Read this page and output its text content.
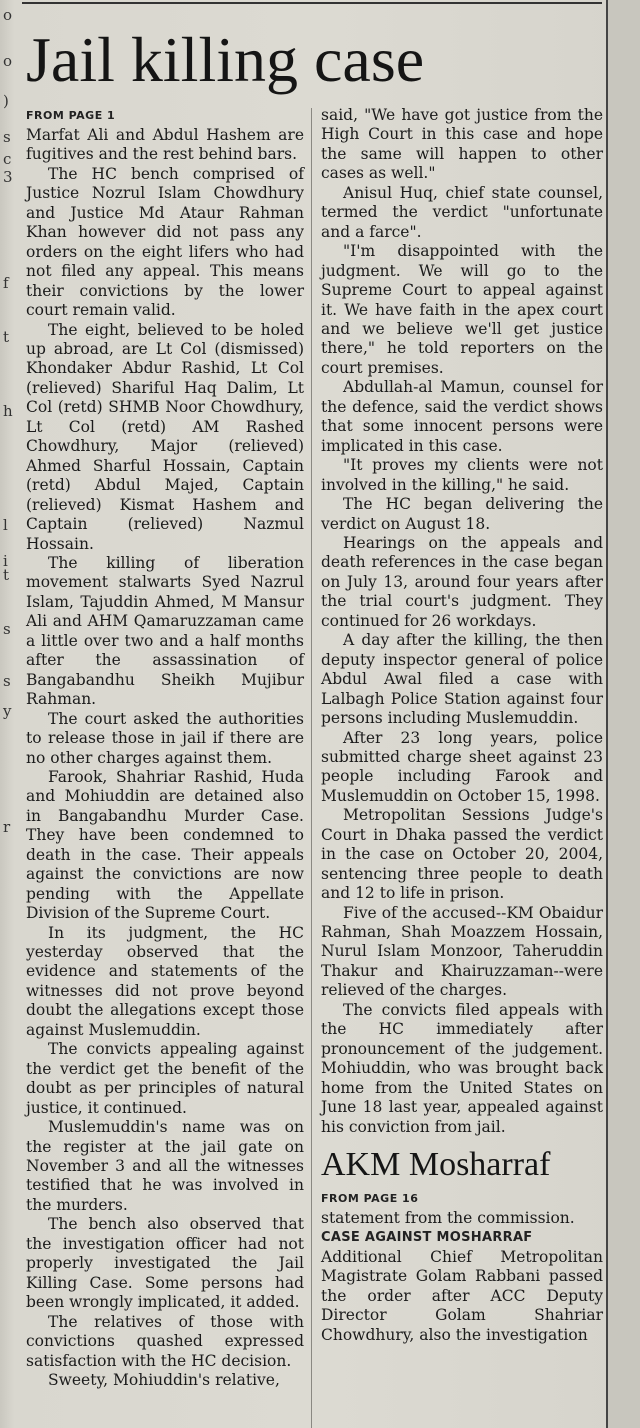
o
o
)
s
c
3
f
t
h
l
i
t
s
s
y
r
Jail killing case
FROM PAGE 1

Marfat Ali and Abdul Hashem are fugitives and the rest behind bars.

The HC bench comprised of Justice Nozrul Islam Chowdhury and Justice Md Ataur Rahman Khan however did not pass any orders on the eight lifers who had not filed any appeal. This means their convictions by the lower court remain valid.

The eight, believed to be holed up abroad, are Lt Col (dismissed) Khondaker Abdur Rashid, Lt Col (relieved) Shariful Haq Dalim, Lt Col (retd) SHMB Noor Chowdhury, Lt Col (retd) AM Rashed Chowdhury, Major (relieved) Ahmed Sharful Hossain, Captain (retd) Abdul Majed, Captain (relieved) Kismat Hashem and Captain (relieved) Nazmul Hossain.

The killing of liberation movement stalwarts Syed Nazrul Islam, Tajuddin Ahmed, M Mansur Ali and AHM Qamaruzzaman came a little over two and a half months after the assassination of Bangabandhu Sheikh Mujibur Rahman.

The court asked the authorities to release those in jail if there are no other charges against them.

Farook, Shahriar Rashid, Huda and Mohiuddin are detained also in Bangabandhu Murder Case. They have been condemned to death in the case. Their appeals against the convictions are now pending with the Appellate Division of the Supreme Court.

In its judgment, the HC yesterday observed that the evidence and statements of the witnesses did not prove beyond doubt the allegations except those against Muslemuddin.

The convicts appealing against the verdict get the benefit of the doubt as per principles of natural justice, it continued.

Muslemuddin's name was on the register at the jail gate on November 3 and all the witnesses testified that he was involved in the murders.

The bench also observed that the investigation officer had not properly investigated the Jail Killing Case. Some persons had been wrongly implicated, it added.

The relatives of those with convictions quashed expressed satisfaction with the HC decision.

Sweety, Mohiuddin's relative,

said, "We have got justice from the High Court in this case and hope the same will happen to other cases as well."

Anisul Huq, chief state counsel, termed the verdict "unfortunate and a farce".

"I'm disappointed with the judgment. We will go to the Supreme Court to appeal against it. We have faith in the apex court and we believe we'll get justice there," he told reporters on the court premises.

Abdullah-al Mamun, counsel for the defence, said the verdict shows that some innocent persons were implicated in this case.

"It proves my clients were not involved in the killing," he said.

The HC began delivering the verdict on August 18.

Hearings on the appeals and death references in the case began on July 13, around four years after the trial court's judgment. They continued for 26 workdays.

A day after the killing, the then deputy inspector general of police Abdul Awal filed a case with Lalbagh Police Station against four persons including Muslemuddin.

After 23 long years, police submitted charge sheet against 23 people including Farook and Muslemuddin on October 15, 1998.

Metropolitan Sessions Judge's Court in Dhaka passed the verdict in the case on October 20, 2004, sentencing three people to death and 12 to life in prison.

Five of the accused--KM Obaidur Rahman, Shah Moazzem Hossain, Nurul Islam Monzoor, Taheruddin Thakur and Khairuzzaman--were relieved of the charges.

The convicts filed appeals with the HC immediately after pronouncement of the judgement. Mohiuddin, who was brought back home from the United States on June 18 last year, appealed against his conviction from jail.

AKM Mosharraf
FROM PAGE 16

statement from the commission.

CASE AGAINST MOSHARRAF

Additional Chief Metropolitan Magistrate Golam Rabbani passed the order after ACC Deputy Director Golam Shahriar Chowdhury, also the investigation
